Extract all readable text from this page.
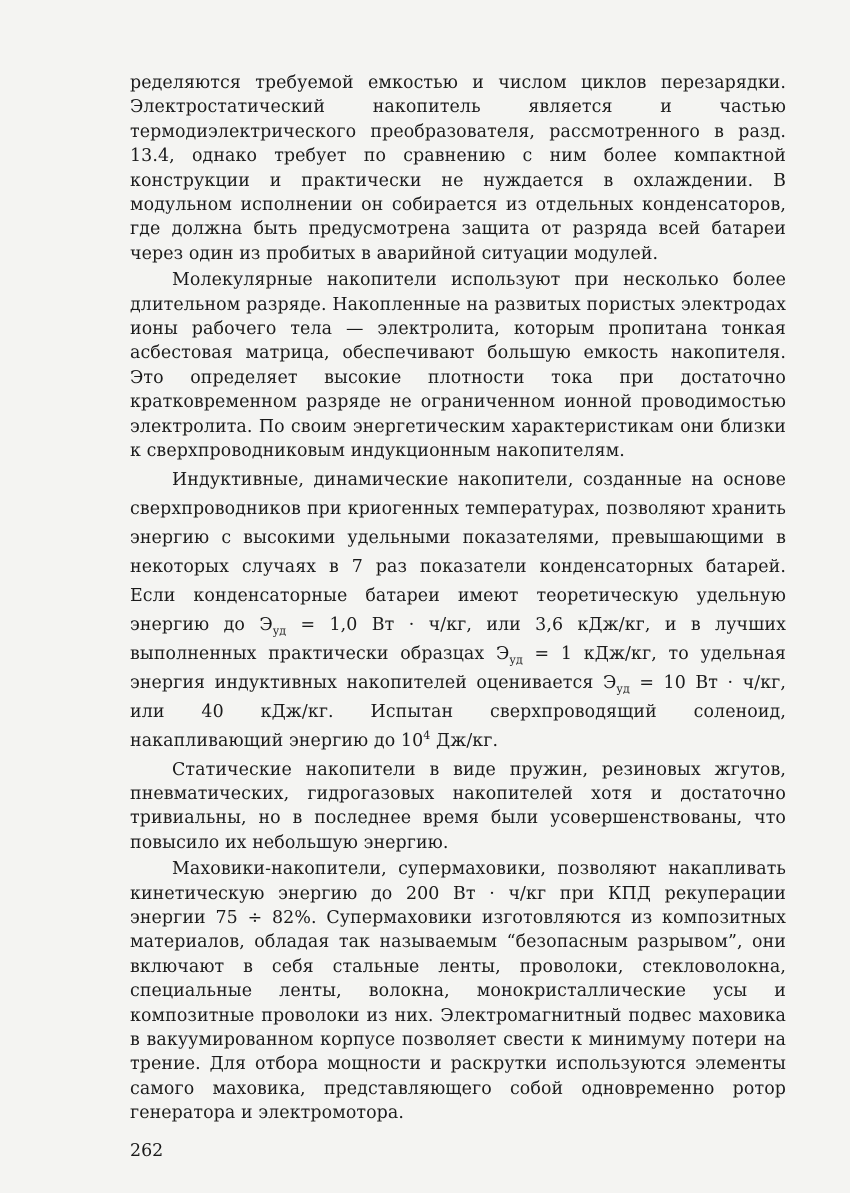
ределяются требуемой емкостью и числом циклов перезарядки. Электростатический накопитель является и частью термодиэлектрического преобразователя, рассмотренного в разд. 13.4, однако требует по сравнению с ним более компактной конструкции и практически не нуждается в охлаждении. В модульном исполнении он собирается из отдельных конденсаторов, где должна быть предусмотрена защита от разряда всей батареи через один из пробитых в аварийной ситуации модулей.

Молекулярные накопители используют при несколько более длительном разряде. Накопленные на развитых пористых электродах ионы рабочего тела — электролита, которым пропитана тонкая асбестовая матрица, обеспечивают большую емкость накопителя. Это определяет высокие плотности тока при достаточно кратковременном разряде не ограниченном ионной проводимостью электролита. По своим энергетическим характеристикам они близки к сверхпроводниковым индукционным накопителям.

Индуктивные, динамические накопители, созданные на основе сверхпроводников при криогенных температурах, позволяют хранить энергию с высокими удельными показателями, превышающими в некоторых случаях в 7 раз показатели конденсаторных батарей. Если конденсаторные батареи имеют теоретическую удельную энергию до $Э_{уд} = 1,0$ Вт · ч/кг, или 3,6 кДж/кг, и в лучших выполненных практически образцах $Э_{уд} = 1$ кДж/кг, то удельная энергия индуктивных накопителей оценивается $Э_{уд} = 10$ Вт · ч/кг, или 40 кДж/кг. Испытан сверхпроводящий соленоид, накапливающий энергию до $10^4$ Дж/кг.

Статические накопители в виде пружин, резиновых жгутов, пневматических, гидрогазовых накопителей хотя и достаточно тривиальны, но в последнее время были усовершенствованы, что повысило их небольшую энергию.

Маховики-накопители, супермаховики, позволяют накапливать кинетическую энергию до 200 Вт · ч/кг при КПД рекуперации энергии 75 ÷ 82%. Супермаховики изготовляются из композитных материалов, обладая так называемым “безопасным разрывом”, они включают в себя стальные ленты, проволоки, стекловолокна, специальные ленты, волокна, монокристаллические усы и композитные проволоки из них. Электромагнитный подвес маховика в вакуумированном корпусе позволяет свести к минимуму потери на трение. Для отбора мощности и раскрутки используются элементы самого маховика, представляющего собой одновременно ротор генератора и электромотора.

262
